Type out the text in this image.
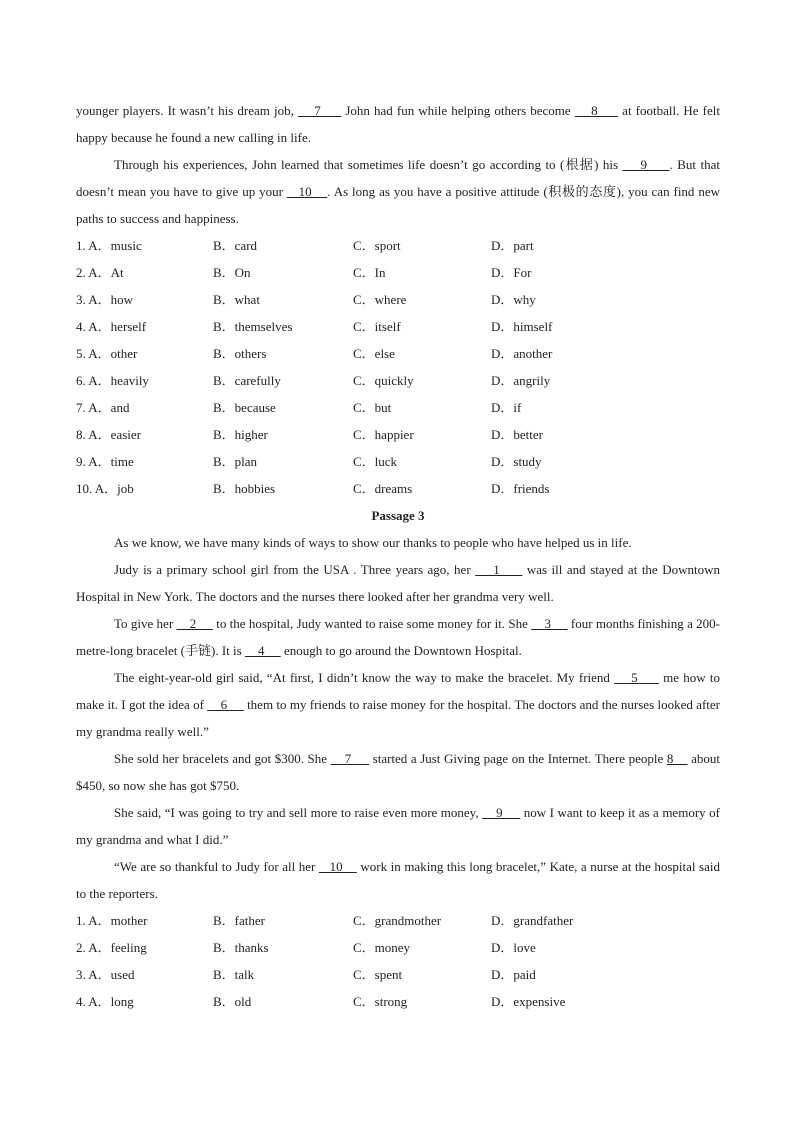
younger players. It wasn’t his dream job,     7      John had fun while helping others become     8      at football. He felt happy because he found a new calling in life.

Through his experiences, John learned that sometimes life doesn’t go according to (根据) his     9     . But that doesn’t mean you have to give up your    10    . As long as you have a positive attitude (积极的态度), you can find new paths to success and happiness.

1. A．music	B．card	C．sport	D．part
2. A．At	B．On	C．In	D．For
3. A．how	B．what	C．where	D．why
4. A．herself	B．themselves	C．itself	D．himself
5. A．other	B．others	C．else	D．another
6. A．heavily	B．carefully	C．quickly	D．angrily
7. A．and	B．because	C．but	D．if
8. A．easier	B．higher	C．happier	D．better
9. A．time	B．plan	C．luck	D．study
10. A．job	B．hobbies	C．dreams	D．friends

Passage 3

As we know, we have many kinds of ways to show our thanks to people who have helped us in life.

Judy is a primary school girl from the USA . Three years ago, her     1      was ill and stayed at the Downtown Hospital in New York. The doctors and the nurses there looked after her grandma very well.

To give her     2      to the hospital, Judy wanted to raise some money for it. She     3      four months finishing a 200-metre-long bracelet (手链). It is     4      enough to go around the Downtown Hospital.

The eight-year-old girl said, “At first, I didn’t know the way to make the bracelet. My friend     5      me how to make it. I got the idea of     6      them to my friends to raise money for the hospital. The doctors and the nurses looked after my grandma really well.”

She sold her bracelets and got $300. She     7      started a Just Giving page on the Internet. There people 8     about $450, so now she has got $750.

She said, “I was going to try and sell more to raise even more money,     9      now I want to keep it as a memory of my grandma and what I did.”

“We are so thankful to Judy for all her    10     work in making this long bracelet,” Kate, a nurse at the hospital said to the reporters.

1. A．mother	B．father	C．grandmother	D．grandfather
2. A．feeling	B．thanks	C．money	D．love
3. A．used	B．talk	C．spent	D．paid
4. A．long	B．old	C．strong	D．expensive
